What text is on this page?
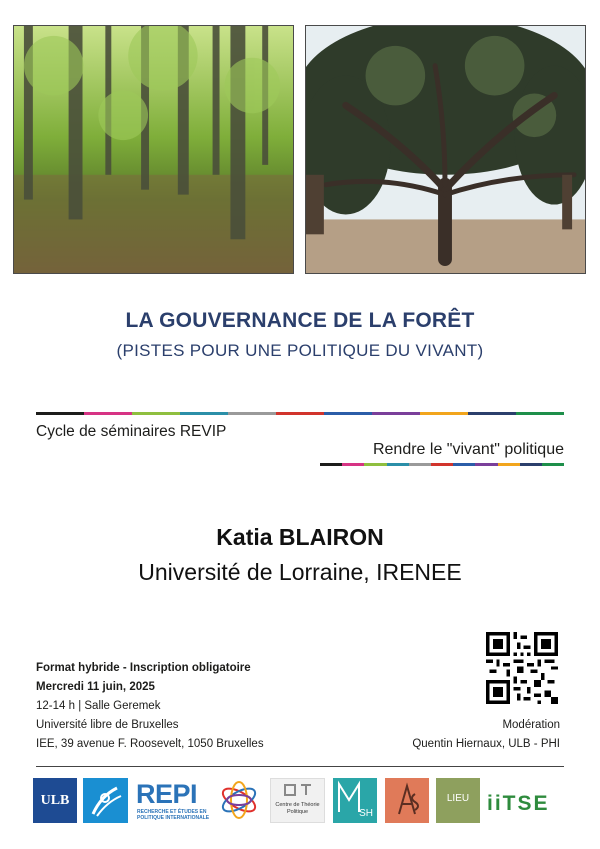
LA GOUVERNANCE DE LA FORÊT
(PISTES POUR UNE POLITIQUE DU VIVANT)
Cycle de séminaires REVIP
Rendre le "vivant" politique
Katia BLAIRON
Université de Lorraine, IRENEE
Format hybride - Inscription obligatoire
Mercredi 11 juin, 2025
12-14 h | Salle Geremek
Université libre de Bruxelles
IEE, 39 avenue F. Roosevelt, 1050 Bruxelles
Modération
Quentin Hiernaux, ULB - PHI
ULB REPI
RECHERCHE ET ÉTUDES EN POLITIQUE INTERNATIONALE
Centre de Théorie Politique	SH
LIEU iiTSE
